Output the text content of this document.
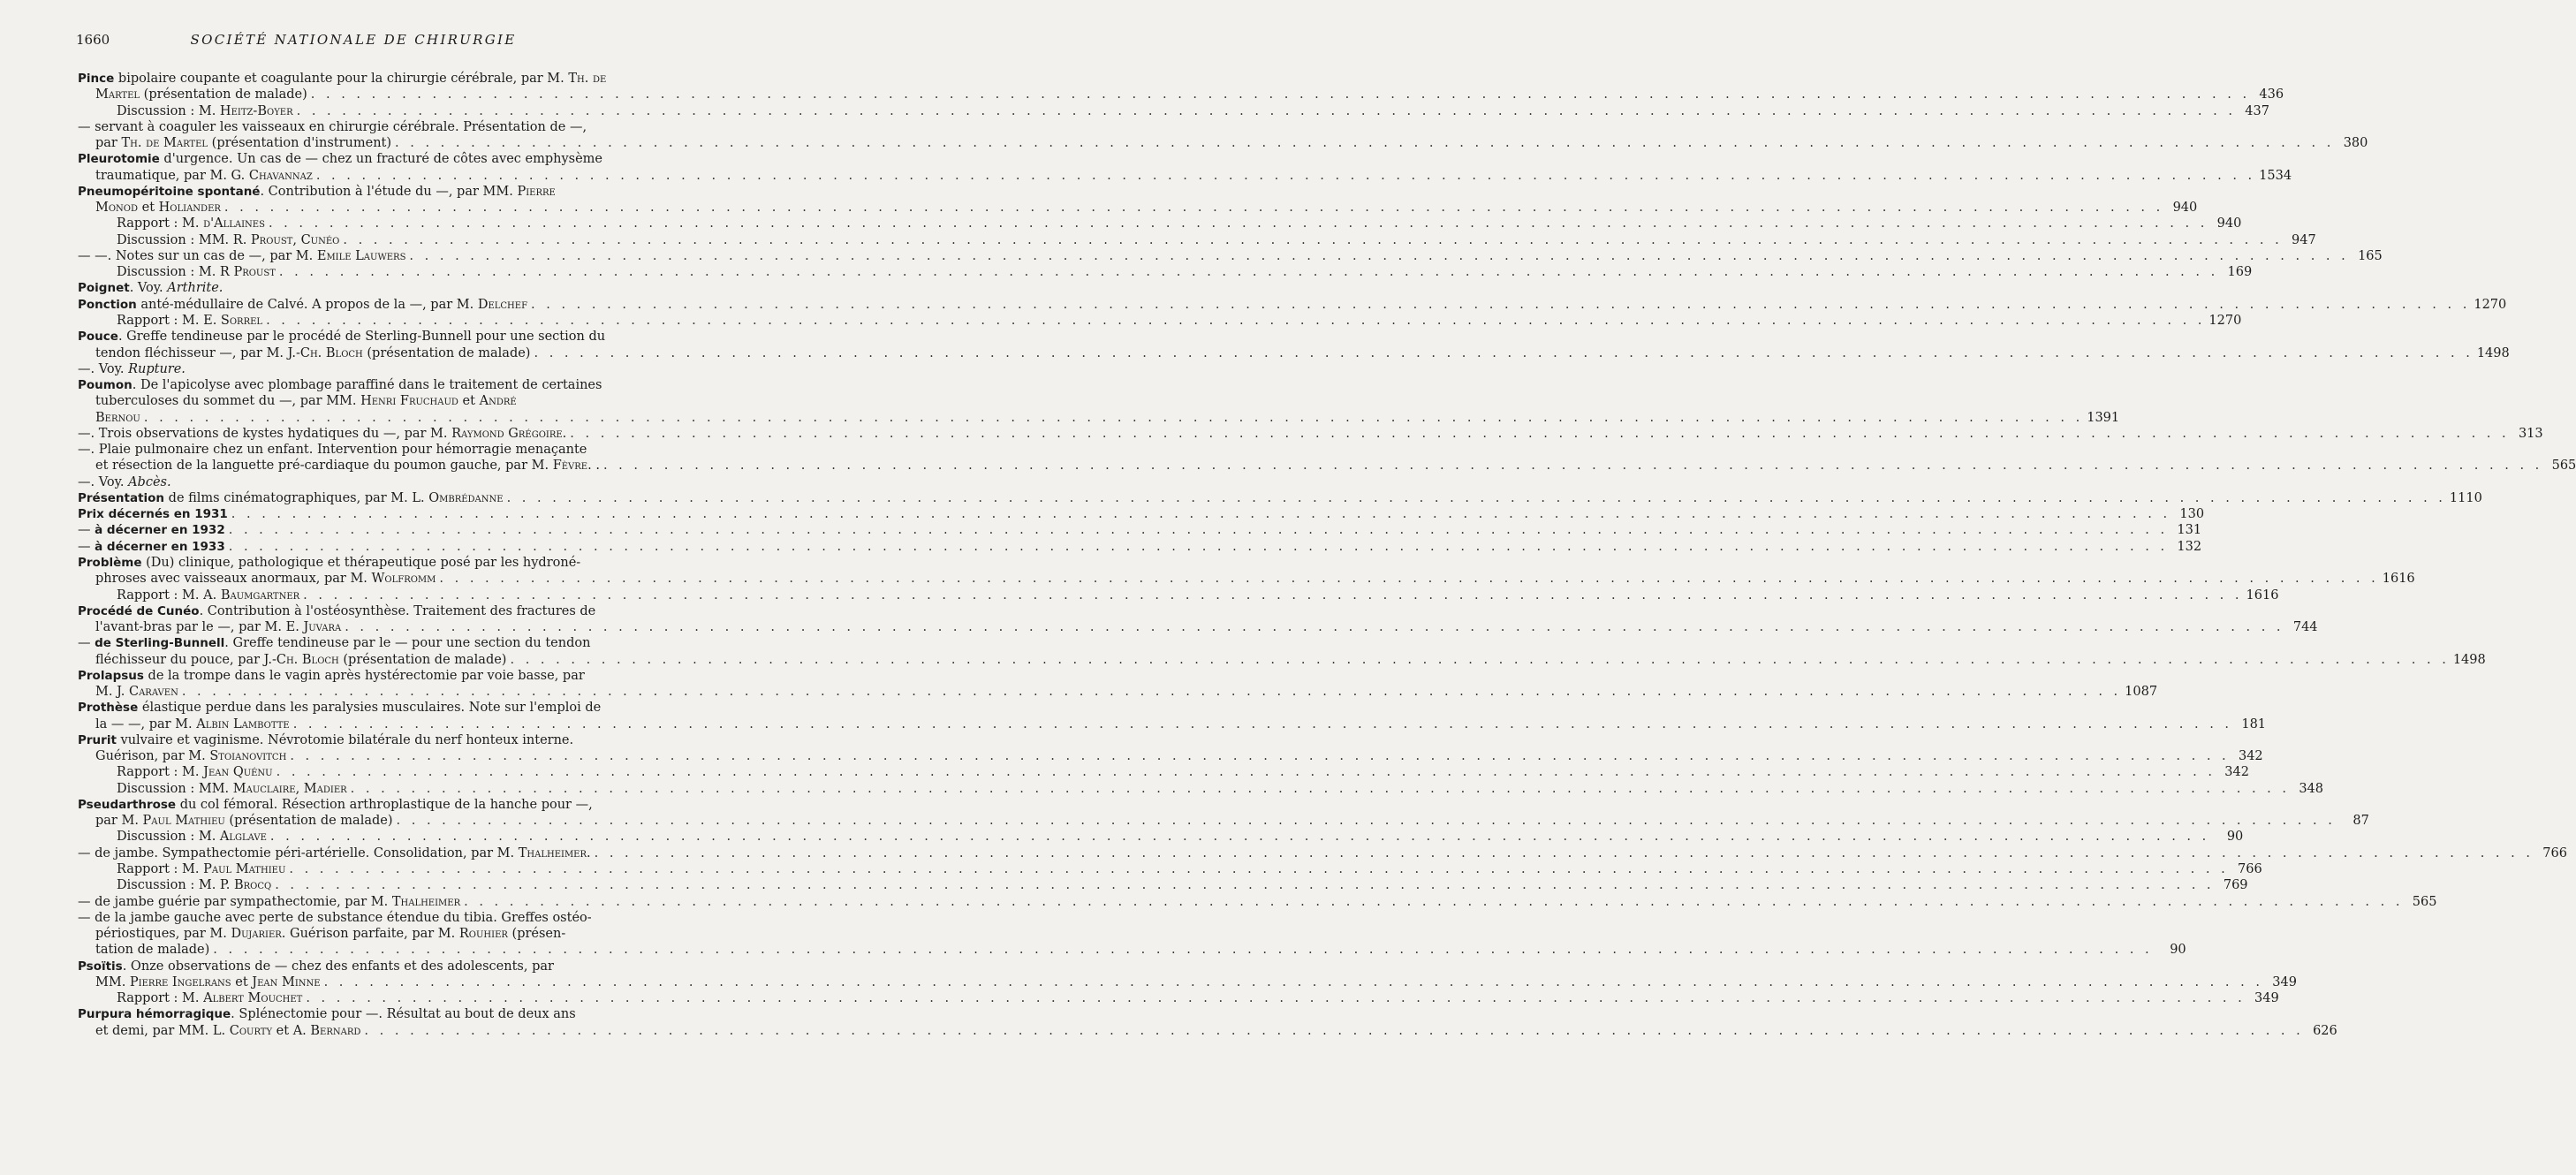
1660	SOCIÉTÉ NATIONALE DE CHIRURGIE
Pince bipolaire coupante et coagulante pour la chirurgie cérébrale, par M. Th. de
Martel (présentation de malade) . . .	436
Discussion : M. Heitz-Boyer . . .	437
— servant à coaguler les vaisseaux en chirurgie cérébrale. Présentation de —,
par Th. de Martel (présentation d'instrument) . . .	380
Pleurotomie d'urgence. Un cas de — chez un fracturé de côtes avec emphysème
traumatique, par M. G. Chavannaz . . .	1534
Pneumopéritoine spontané. Contribution à l'étude du —, par MM. Pierre
Monod et Holiander . . .	940
Rapport : M. d'Allaines . . .	940
Discussion : MM. R. Proust, Cunéo . . .	947
— —. Notes sur un cas de —, par M. Emile Lauwers . . .	165
Discussion : M. R Proust . . .	169
Poignet. Voy. Arthrite.
Ponction anté-médullaire de Calvé. A propos de la —, par M. Delchef . . .	1270
Rapport : M. E. Sorrel . . .	1270
Pouce. Greffe tendineuse par le procédé de Sterling-Bunnell pour une section du
tendon fléchisseur —, par M. J.-Ch. Bloch (présentation de malade) . . .	1498
—. Voy. Rupture.
Poumon. De l'apicolyse avec plombage paraffiné dans le traitement de certaines
tuberculoses du sommet du —, par MM. Henri Fruchaud et André
Bernou . . .	1391
—. Trois observations de kystes hydatiques du —, par M. Raymond Grégoire. . . .	313
—. Plaie pulmonaire chez un enfant. Intervention pour hémorragie menaçante
et résection de la languette pré-cardiaque du poumon gauche, par M. Fèvre. . . . .	565
—. Voy. Abcès.
Présentation de films cinématographiques, par M. L. Ombrédanne . . .	1110
Prix décernés en 1931 . . .	130
— à décerner en 1932 . . .	131
— à décerner en 1933 . . .	132
Problème (Du) clinique, pathologique et thérapeutique posé par les hydroné-
phroses avec vaisseaux anormaux, par M. Wolfromm . . .	1616
Rapport : M. A. Baumgartner . . .	1616
Procédé de Cunéo. Contribution à l'ostéosynthèse. Traitement des fractures de
l'avant-bras par le —, par M. E. Juvara . . .	744
— de Sterling-Bunnell. Greffe tendineuse par le — pour une section du tendon
fléchisseur du pouce, par J.-Ch. Bloch (présentation de malade) . . .	1498
Prolapsus de la trompe dans le vagin après hystérectomie par voie basse, par
M. J. Caraven . . .	1087
Prothèse élastique perdue dans les paralysies musculaires. Note sur l'emploi de
la — —, par M. Albin Lambotte . . .	181
Prurit vulvaire et vaginisme. Névrotomie bilatérale du nerf honteux interne.
Guérison, par M. Stoianovitch . . .	342
Rapport : M. Jean Quénu . . .	342
Discussion : MM. Mauclaire, Madier . . .	348
Pseudarthrose du col fémoral. Résection arthroplastique de la hanche pour —,
par M. Paul Mathieu (présentation de malade) . . .	87
Discussion : M. Alglave . . .	90
— de jambe. Sympathectomie péri-artérielle. Consolidation, par M. Thalheimer. . . .	766
Rapport : M. Paul Mathieu . . .	766
Discussion : M. P. Brocq . . .	769
— de jambe guérie par sympathectomie, par M. Thalheimer . . .	565
— de la jambe gauche avec perte de substance étendue du tibia. Greffes ostéo-
périostiques, par M. Dujarier. Guérison parfaite, par M. Rouhier (présen-
tation de malade) . . .	90
Psoïtis. Onze observations de — chez des enfants et des adolescents, par
MM. Pierre Ingelrans et Jean Minne . . .	349
Rapport : M. Albert Mouchet . . .	349
Purpura hémorragique. Splénectomie pour —. Résultat au bout de deux ans
et demi, par MM. L. Courty et A. Bernard . . .	626
